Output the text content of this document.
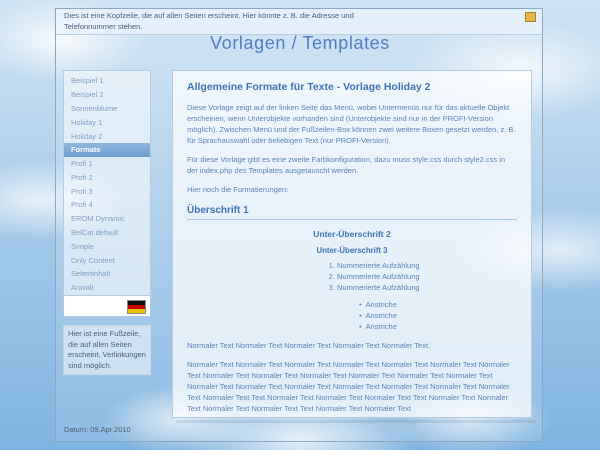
Dies ist eine Kopfzeile, die auf allen Seiten erscheint. Hier könnte z. B. die Adresse und Telefonnummer stehen.
Vorlagen / Templates
Beispiel 1
Beispiel 2
Sonnenblume
Holiday 1
Holiday 2
Formate
Profi 1
Profi 2
Profi 3
Profi 4
EROM Dynamic
BelCat default
Simple
Only Content
Seiteninhalt
Anwalt
Hier ist eine Fußzeile, die auf allen Seiten erscheint. Verlinkungen sind möglich.
Datum: 09.Apr.2010
Allgemeine Formate für Texte - Vorlage Holiday 2

Diese Vorlage zeigt auf der linken Seite das Menü, wobei Untermenüs nur für das aktuelle Objekt erscheinen, wenn Unterobjekte vorhanden sind (Unterobjekte sind nur in der PROFI-Version möglich). Zwischen Menü und der Fußzeilen-Box können zwei weitere Boxen gesetzt werden, z. B. für Sprachauswahl oder beliebigen Text (nur PROFI-Version).

Für diese Vorlage gibt es eine zweite Farbkonfiguration, dazu muss style.css durch style2.css in der index.php des Templates ausgetauscht werden.

Hier noch die Formatierungen:

Überschrift 1
Unter-Überschrift 2
Unter-Überschrift 3
1. Nummerierte Aufzählung
2. Nummerierte Aufzählung
3. Nummerierte Aufzählung
• Anstriche
• Anstriche
• Anstriche

Normaler Text Normaler Text Normaler Text Normaler Text Normaler Text.

Normaler Text Normaler Text Normaler Text Normaler Text Normaler Text Normaler Text Normaler Text Normaler Text Normaler Text Normaler Text Normaler Text Normaler Text Normaler Text Normaler Text Normaler Text Normaler Text Normaler Text Normaler Text Normaler Text Normaler Text Normaler Text Text Normaler Text Normaler Text Normaler Text Text Normaler Text Normaler Text Normaler Text Normaler Text Text Normaler Text Normaler Text
